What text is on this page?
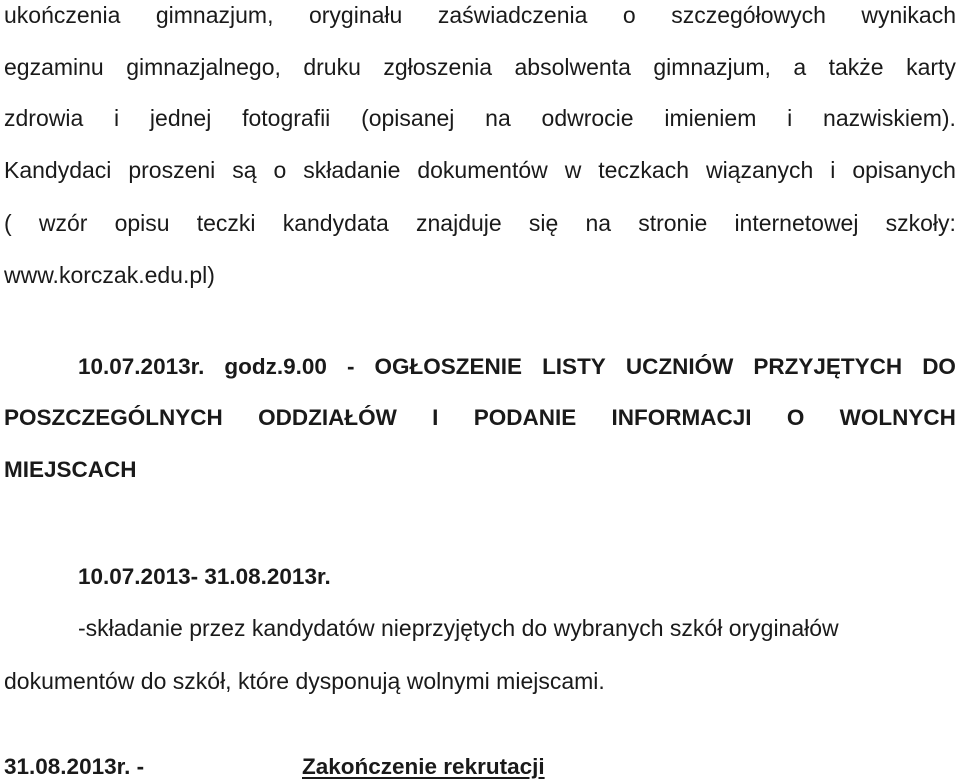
ukończenia gimnazjum, oryginału zaświadczenia o szczegółowych wynikach
egzaminu gimnazjalnego, druku zgłoszenia absolwenta gimnazjum, a także karty
zdrowia i jednej fotografii (opisanej na odwrocie imieniem i nazwiskiem).
Kandydaci proszeni są o składanie dokumentów w teczkach wiązanych i opisanych
( wzór opisu teczki kandydata znajduje się na stronie internetowej szkoły:
www.korczak.edu.pl)
10.07.2013r. godz.9.00 - OGŁOSZENIE LISTY UCZNIÓW PRZYJĘTYCH DO
POSZCZEGÓLNYCH ODDZIAŁÓW I PODANIE INFORMACJI O WOLNYCH
MIEJSCACH
10.07.2013- 31.08.2013r.
-składanie przez kandydatów nieprzyjętych do wybranych szkół oryginałów
dokumentów do szkół, które dysponują wolnymi miejscami.
31.08.2013r. -	Zakończenie rekrutacji
